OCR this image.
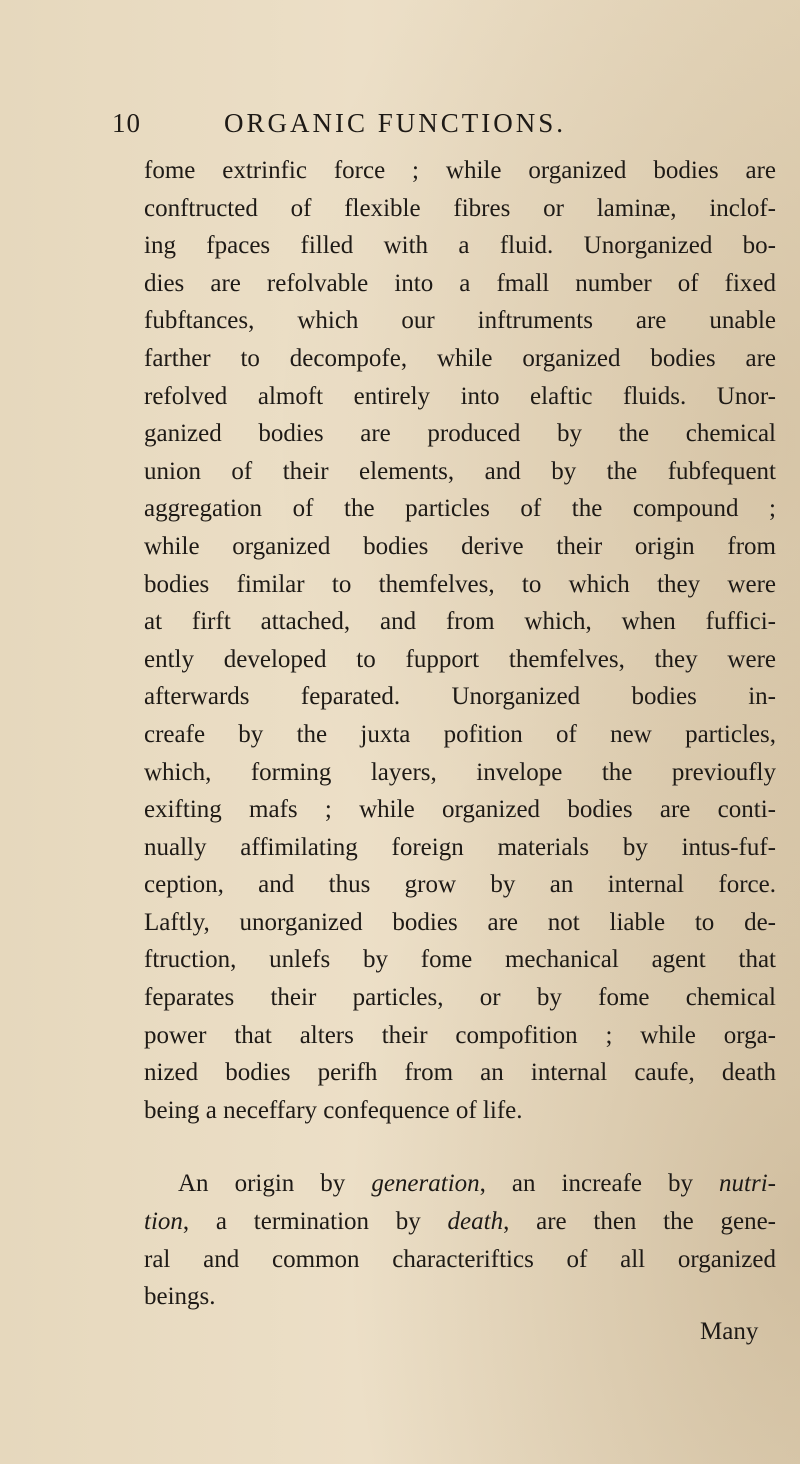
10	ORGANIC FUNCTIONS.
fome extrinfic force ; while organized bodies are
conftructed of flexible fibres or laminæ, inclof-
ing fpaces filled with a fluid. Unorganized bo-
dies are refolvable into a fmall number of fixed
fubftances, which our inftruments are unable
farther to decompofe, while organized bodies are
refolved almoft entirely into elaftic fluids. Unor-
ganized bodies are produced by the chemical
union of their elements, and by the fubfequent
aggregation of the particles of the compound ;
while organized bodies derive their origin from
bodies fimilar to themfelves, to which they were
at firft attached, and from which, when fuffici-
ently developed to fupport themfelves, they were
afterwards feparated. Unorganized bodies in-
creafe by the juxta pofition of new particles,
which, forming layers, invelope the previoufly
exifting mafs ; while organized bodies are conti-
nually affimilating foreign materials by intus-fuf-
ception, and thus grow by an internal force.
Laftly, unorganized bodies are not liable to de-
ftruction, unlefs by fome mechanical agent that
feparates their particles, or by fome chemical
power that alters their compofition ; while orga-
nized bodies perifh from an internal caufe, death
being a neceffary confequence of life.
An origin by generation, an increafe by nutri-
tion, a termination by death, are then the gene-
ral and common characteriftics of all organized
beings.
Many
